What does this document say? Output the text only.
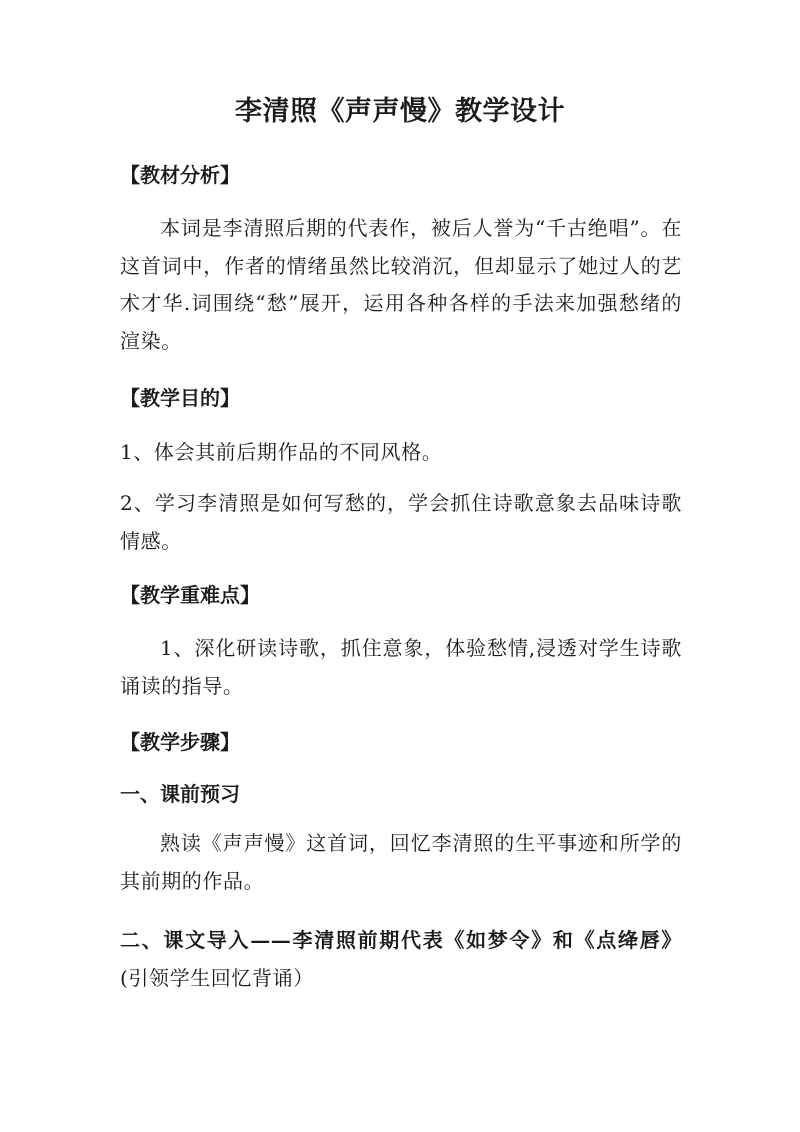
李清照《声声慢》教学设计
【教材分析】
本词是李清照后期的代表作，被后人誉为“千古绝唱”。在这首词中，作者的情绪虽然比较消沉，但却显示了她过人的艺术才华.词围绕“愁”展开，运用各种各样的手法来加强愁绪的渲染。
【教学目的】
1、体会其前后期作品的不同风格。
2、学习李清照是如何写愁的，学会抓住诗歌意象去品味诗歌情感。
【教学重难点】
1、深化研读诗歌，抓住意象，体验愁情,浸透对学生诗歌诵读的指导。
【教学步骤】
一、课前预习
熟读《声声慢》这首词，回忆李清照的生平事迹和所学的其前期的作品。
二、课文导入——李清照前期代表《如梦令》和《点绛唇》(引领学生回忆背诵）
